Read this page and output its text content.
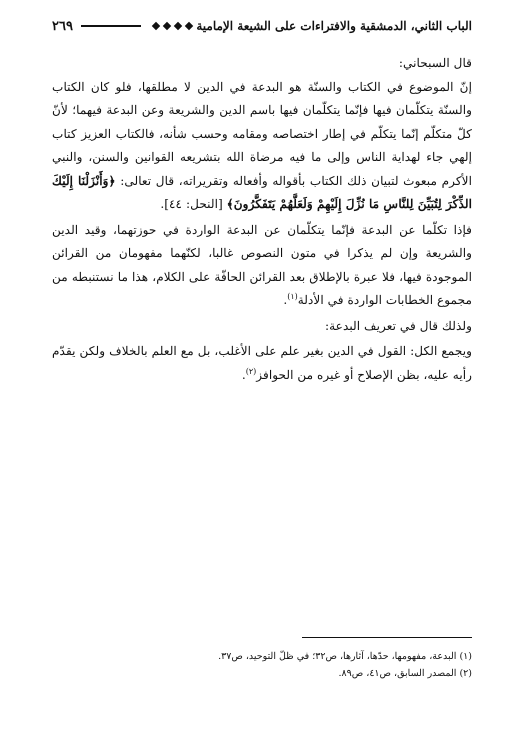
الباب الثاني، الدمشقية والافتراءات على الشيعة الإمامية
٢٦٩

قال السبحاني:

إنّ الموضوع في الكتاب والسنّة هو البدعة في الدين لا مطلقها، فلو كان الكتاب والسنّة يتكلّمان فيها فإنّما يتكلّمان فيها باسم الدين والشريعة وعن البدعة فيهما؛ لأنّ كلّ متكلّم إنّما يتكلّم في إطار اختصاصه ومقامه وحسب شأنه، فالكتاب العزيز كتاب إلهي جاء لهداية الناس وإلى ما فيه مرضاة الله بتشريعه القوانين والسنن، والنبي الأكرم مبعوث لتبيان ذلك الكتاب بأقواله وأفعاله وتقريراته، قال تعالى: ﴿وَأَنْزَلْنَا إِلَيْكَ الذِّكْرَ لِتُبَيِّنَ لِلنَّاسِ مَا نُزِّلَ إِلَيْهِمْ وَلَعَلَّهُمْ يَتَفَكَّرُونَ﴾ [النحل: ٤٤].

فإذا تكلّما عن البدعة فإنّما يتكلّمان عن البدعة الواردة في حوزتهما، وقيد الدين والشريعة وإن لم يذكرا في متون النصوص غالبا، لكنّهما مفهومان من القرائن الموجودة فيها، فلا عبرة بالإطلاق بعد القرائن الحافّة على الكلام، هذا ما نستنبطه من مجموع الخطابات الواردة في الأدلة$^{(١)}$.

ولذلك قال في تعريف البدعة:

ويجمع الكل: القول في الدين بغير علم على الأغلب، بل مع العلم بالخلاف ولكن يقدّم رأيه عليه، بظن الإصلاح أو غيره من الحوافز$^{(٢)}$.

(١) البدعة، مفهومها، حدّها، آثارها، ص٣٢؛ في ظلّ التوحيد، ص٣٧.

(٢) المصدر السابق، ص٤١، ص٨٩.
